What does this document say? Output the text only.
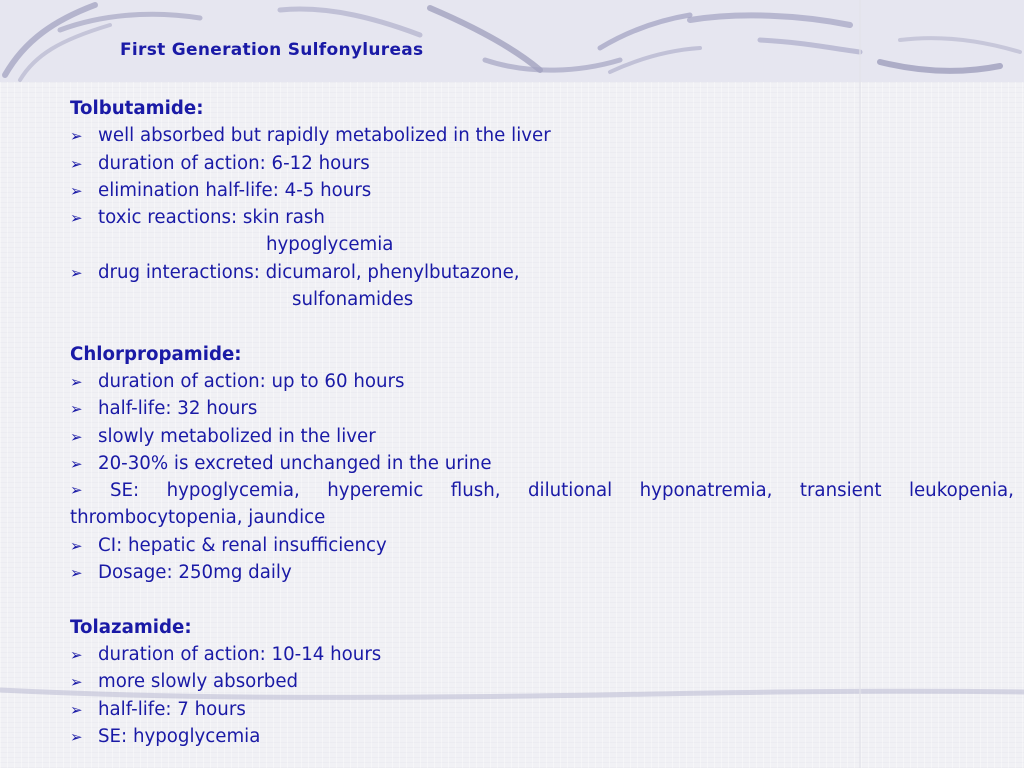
First Generation Sulfonylureas
Tolbutamide:
➢ well absorbed but rapidly metabolized in the liver
➢ duration of action: 6-12 hours
➢ elimination half-life: 4-5 hours
➢ toxic reactions: skin rash
hypoglycemia
➢ drug interactions: dicumarol, phenylbutazone,
sulfonamides
Chlorpropamide:
➢ duration of action: up to 60 hours
➢ half-life: 32 hours
➢ slowly metabolized in the liver
➢ 20-30% is excreted unchanged in the urine
➢ SE: hypoglycemia, hyperemic flush, dilutional hyponatremia, transient leukopenia,
thrombocytopenia, jaundice
➢ CI: hepatic & renal insufficiency
➢ Dosage: 250mg daily
Tolazamide:
➢ duration of action: 10-14 hours
➢ more slowly absorbed
➢ half-life: 7 hours
➢ SE: hypoglycemia
